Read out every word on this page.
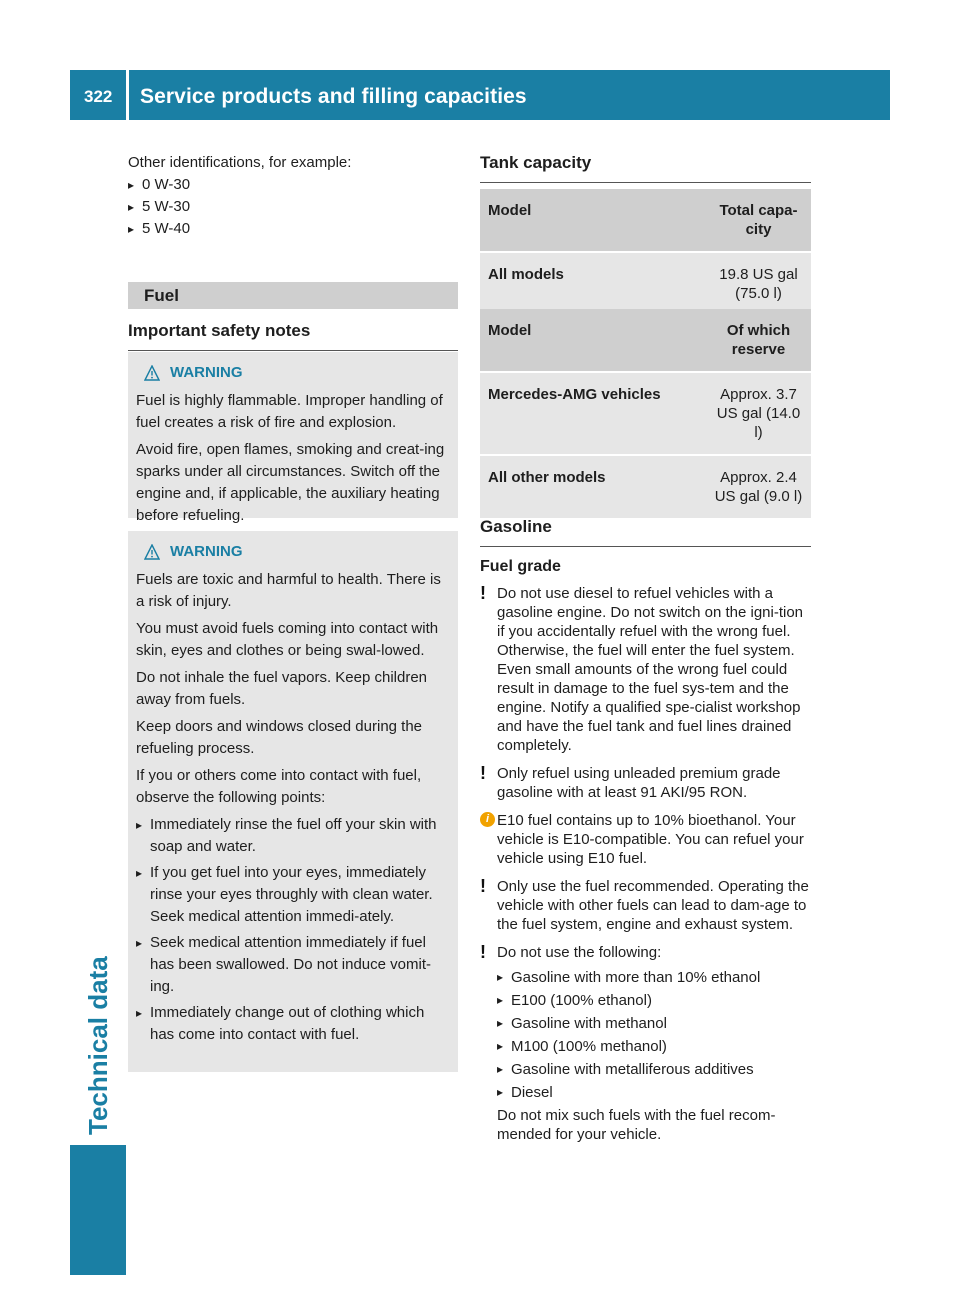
322 Service products and filling capacities
Technical data
Other identifications, for example:
▸ 0 W-30
▸ 5 W-30
▸ 5 W-40
Fuel
Important safety notes
WARNING

Fuel is highly flammable. Improper handling of fuel creates a risk of fire and explosion.

Avoid fire, open flames, smoking and creat-ing sparks under all circumstances. Switch off the engine and, if applicable, the auxiliary heating before refueling.

WARNING

Fuels are toxic and harmful to health. There is a risk of injury.

You must avoid fuels coming into contact with skin, eyes and clothes or being swal-lowed.

Do not inhale the fuel vapors. Keep children away from fuels.

Keep doors and windows closed during the refueling process.

If you or others come into contact with fuel, observe the following points:

▸ Immediately rinse the fuel off your skin with soap and water.
▸ If you get fuel into your eyes, immediately rinse your eyes throughly with clean water. Seek medical attention immedi-ately.
▸ Seek medical attention immediately if fuel has been swallowed. Do not induce vomit-ing.
▸ Immediately change out of clothing which has come into contact with fuel.
Tank capacity
Model	Total capa-city
All models	19.8 US gal (75.0 l)
Model	Of which reserve
Mercedes-AMG vehicles	Approx. 3.7 US gal (14.0 l)
All other models	Approx. 2.4 US gal (9.0 l)
Gasoline
Fuel grade
! Do not use diesel to refuel vehicles with a gasoline engine. Do not switch on the igni-tion if you accidentally refuel with the wrong fuel. Otherwise, the fuel will enter the fuel system. Even small amounts of the wrong fuel could result in damage to the fuel sys-tem and the engine. Notify a qualified spe-cialist workshop and have the fuel tank and fuel lines drained completely.
! Only refuel using unleaded premium grade gasoline with at least 91 AKI/95 RON.
i E10 fuel contains up to 10% bioethanol. Your vehicle is E10-compatible. You can refuel your vehicle using E10 fuel.
! Only use the fuel recommended. Operating the vehicle with other fuels can lead to dam-age to the fuel system, engine and exhaust system.
! Do not use the following:
▸ Gasoline with more than 10% ethanol
▸ E100 (100% ethanol)
▸ Gasoline with methanol
▸ M100 (100% methanol)
▸ Gasoline with metalliferous additives
▸ Diesel
Do not mix such fuels with the fuel recom-mended for your vehicle.
